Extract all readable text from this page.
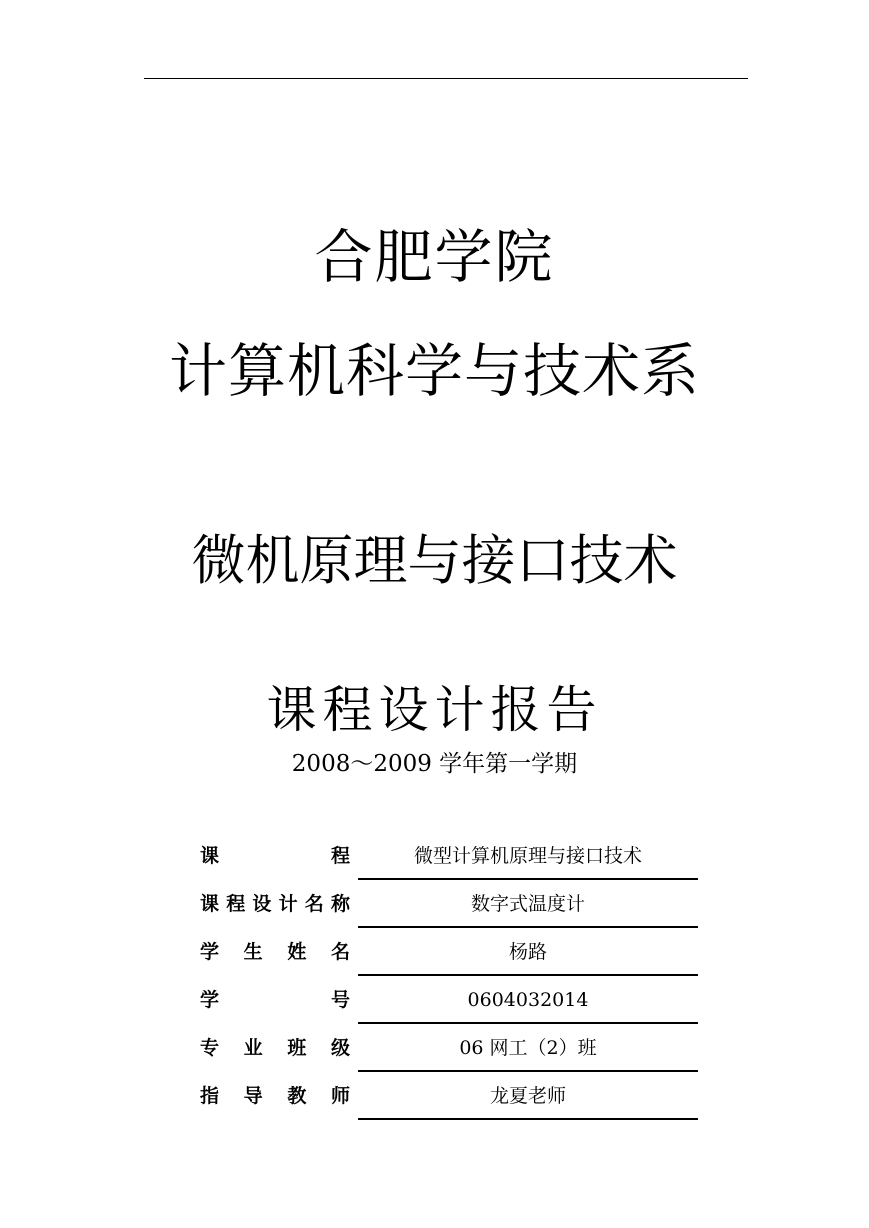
合肥学院
计算机科学与技术系
微机原理与接口技术
课程设计报告
2008～2009 学年第一学期
课程	微型计算机原理与接口技术
课程设计名称	数字式温度计
学生姓名	杨路
学号	0604032014
专业班级	06 网工（2）班
指导教师	龙夏老师
